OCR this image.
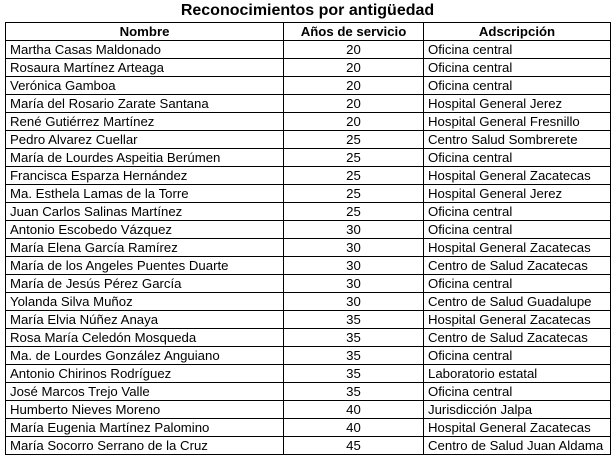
Reconocimientos por antigüedad
Nombre	Años de servicio	Adscripción
Martha Casas Maldonado	20	Oficina central
Rosaura Martínez Arteaga	20	Oficina central
Verónica Gamboa	20	Oficina central
María del Rosario Zarate Santana	20	Hospital General Jerez
René Gutiérrez Martínez	20	Hospital General Fresnillo
Pedro Alvarez Cuellar	25	Centro Salud Sombrerete
María de Lourdes Aspeitia Berúmen	25	Oficina central
Francisca Esparza Hernández	25	Hospital General Zacatecas
Ma. Esthela Lamas de la Torre	25	Hospital General Jerez
Juan Carlos Salinas Martínez	25	Oficina central
Antonio Escobedo Vázquez	30	Oficina central
María Elena García Ramírez	30	Hospital General Zacatecas
María de los Angeles Puentes Duarte	30	Centro de Salud Zacatecas
María de Jesús Pérez García	30	Oficina central
Yolanda Silva Muñoz	30	Centro de Salud Guadalupe
María Elvia Núñez Anaya	35	Hospital General Zacatecas
Rosa María Celedón Mosqueda	35	Centro de Salud Zacatecas
Ma. de Lourdes González Anguiano	35	Oficina central
Antonio Chirinos Rodríguez	35	Laboratorio estatal
José Marcos Trejo Valle	35	Oficina central
Humberto Nieves Moreno	40	Jurisdicción Jalpa
María Eugenia Martínez Palomino	40	Hospital General Zacatecas
María Socorro Serrano de la Cruz	45	Centro de Salud Juan Aldama
